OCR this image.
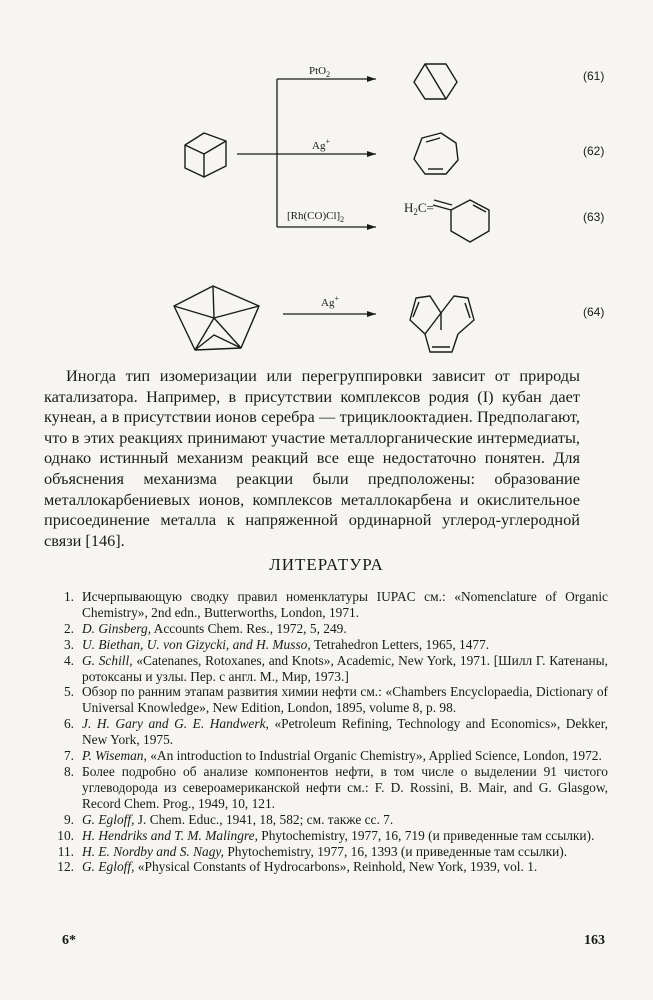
PtO$_2$
Ag+
$[Rh(CO)Cl]_2$
$H_2C=$
Ag+
(61)
(62)
(63)
(64)

Иногда тип изомеризации или перегруппировки зависит от природы катализатора. Например, в присутствии комплексов родия (I) кубан дает кунеан, а в присутствии ионов серебра — трициклооктадиен. Предполагают, что в этих реакциях принимают участие металлорганические интермедиаты, однако истинный механизм реакций все еще недостаточно понятен. Для объяснения механизма реакции были предположены: образование металлокарбениевых ионов, комплексов металлокарбена и окислительное присоединение металла к напряженной ординарной углерод-углеродной связи [146].

ЛИТЕРАТУРА
1. Исчерпывающую сводку правил номенклатуры IUPAC см.: «Nomenclature of Organic Chemistry», 2nd edn., Butterworths, London, 1971.
2. D. Ginsberg, Accounts Chem. Res., 1972, 5, 249.
3. U. Biethan, U. von Gizycki, and H. Musso, Tetrahedron Letters, 1965, 1477.
4. G. Schill, «Catenanes, Rotoxanes, and Knots», Academic, New York, 1971. [Шилл Г. Катенаны, ротоксаны и узлы. Пер. с англ. М., Мир, 1973.]
5. Обзор по ранним этапам развития химии нефти см.: «Chambers Encyclopaedia, Dictionary of Universal Knowledge», New Edition, London, 1895, volume 8, p. 98.
6. J. H. Gary and G. E. Handwerk, «Petroleum Refining, Technology and Economics», Dekker, New York, 1975.
7. P. Wiseman, «An introduction to Industrial Organic Chemistry», Applied Science, London, 1972.
8. Более подробно об анализе компонентов нефти, в том числе о выделении 91 чистого углеводорода из североамериканской нефти см.: F. D. Rossini, B. Mair, and G. Glasgow, Record Chem. Prog., 1949, 10, 121.
9. G. Egloff, J. Chem. Educ., 1941, 18, 582; см. также сс. 7.
10. H. Hendriks and T. M. Malingre, Phytochemistry, 1977, 16, 719 (и приведенные там ссылки).
11. H. E. Nordby and S. Nagy, Phytochemistry, 1977, 16, 1393 (и приведенные там ссылки).
12. G. Egloff, «Physical Constants of Hydrocarbons», Reinhold, New York, 1939, vol. 1.
6*	163
